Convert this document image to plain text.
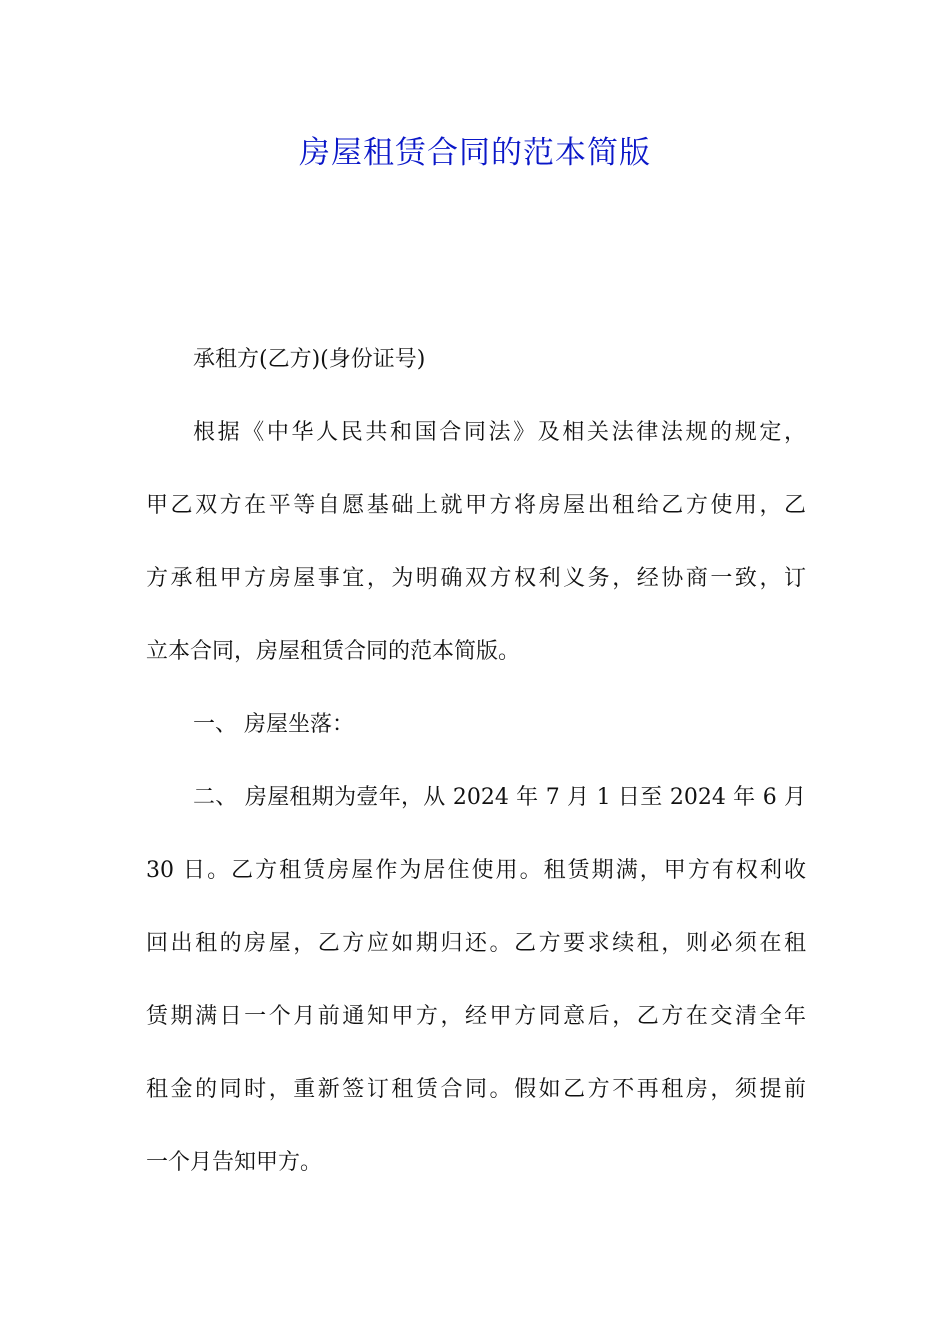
房屋租赁合同的范本简版

承租方(乙方)(身份证号)

根据《中华人民共和国合同法》及相关法律法规的规定，

甲乙双方在平等自愿基础上就甲方将房屋出租给乙方使用，乙

方承租甲方房屋事宜，为明确双方权利义务，经协商一致，订

立本合同，房屋租赁合同的范本简版。

一、 房屋坐落：

二、 房屋租期为壹年，从 2024 年 7 月 1 日至 2024 年 6 月

30 日。乙方租赁房屋作为居住使用。租赁期满，甲方有权利收

回出租的房屋，乙方应如期归还。乙方要求续租，则必须在租

赁期满日一个月前通知甲方，经甲方同意后，乙方在交清全年

租金的同时，重新签订租赁合同。假如乙方不再租房，须提前

一个月告知甲方。
